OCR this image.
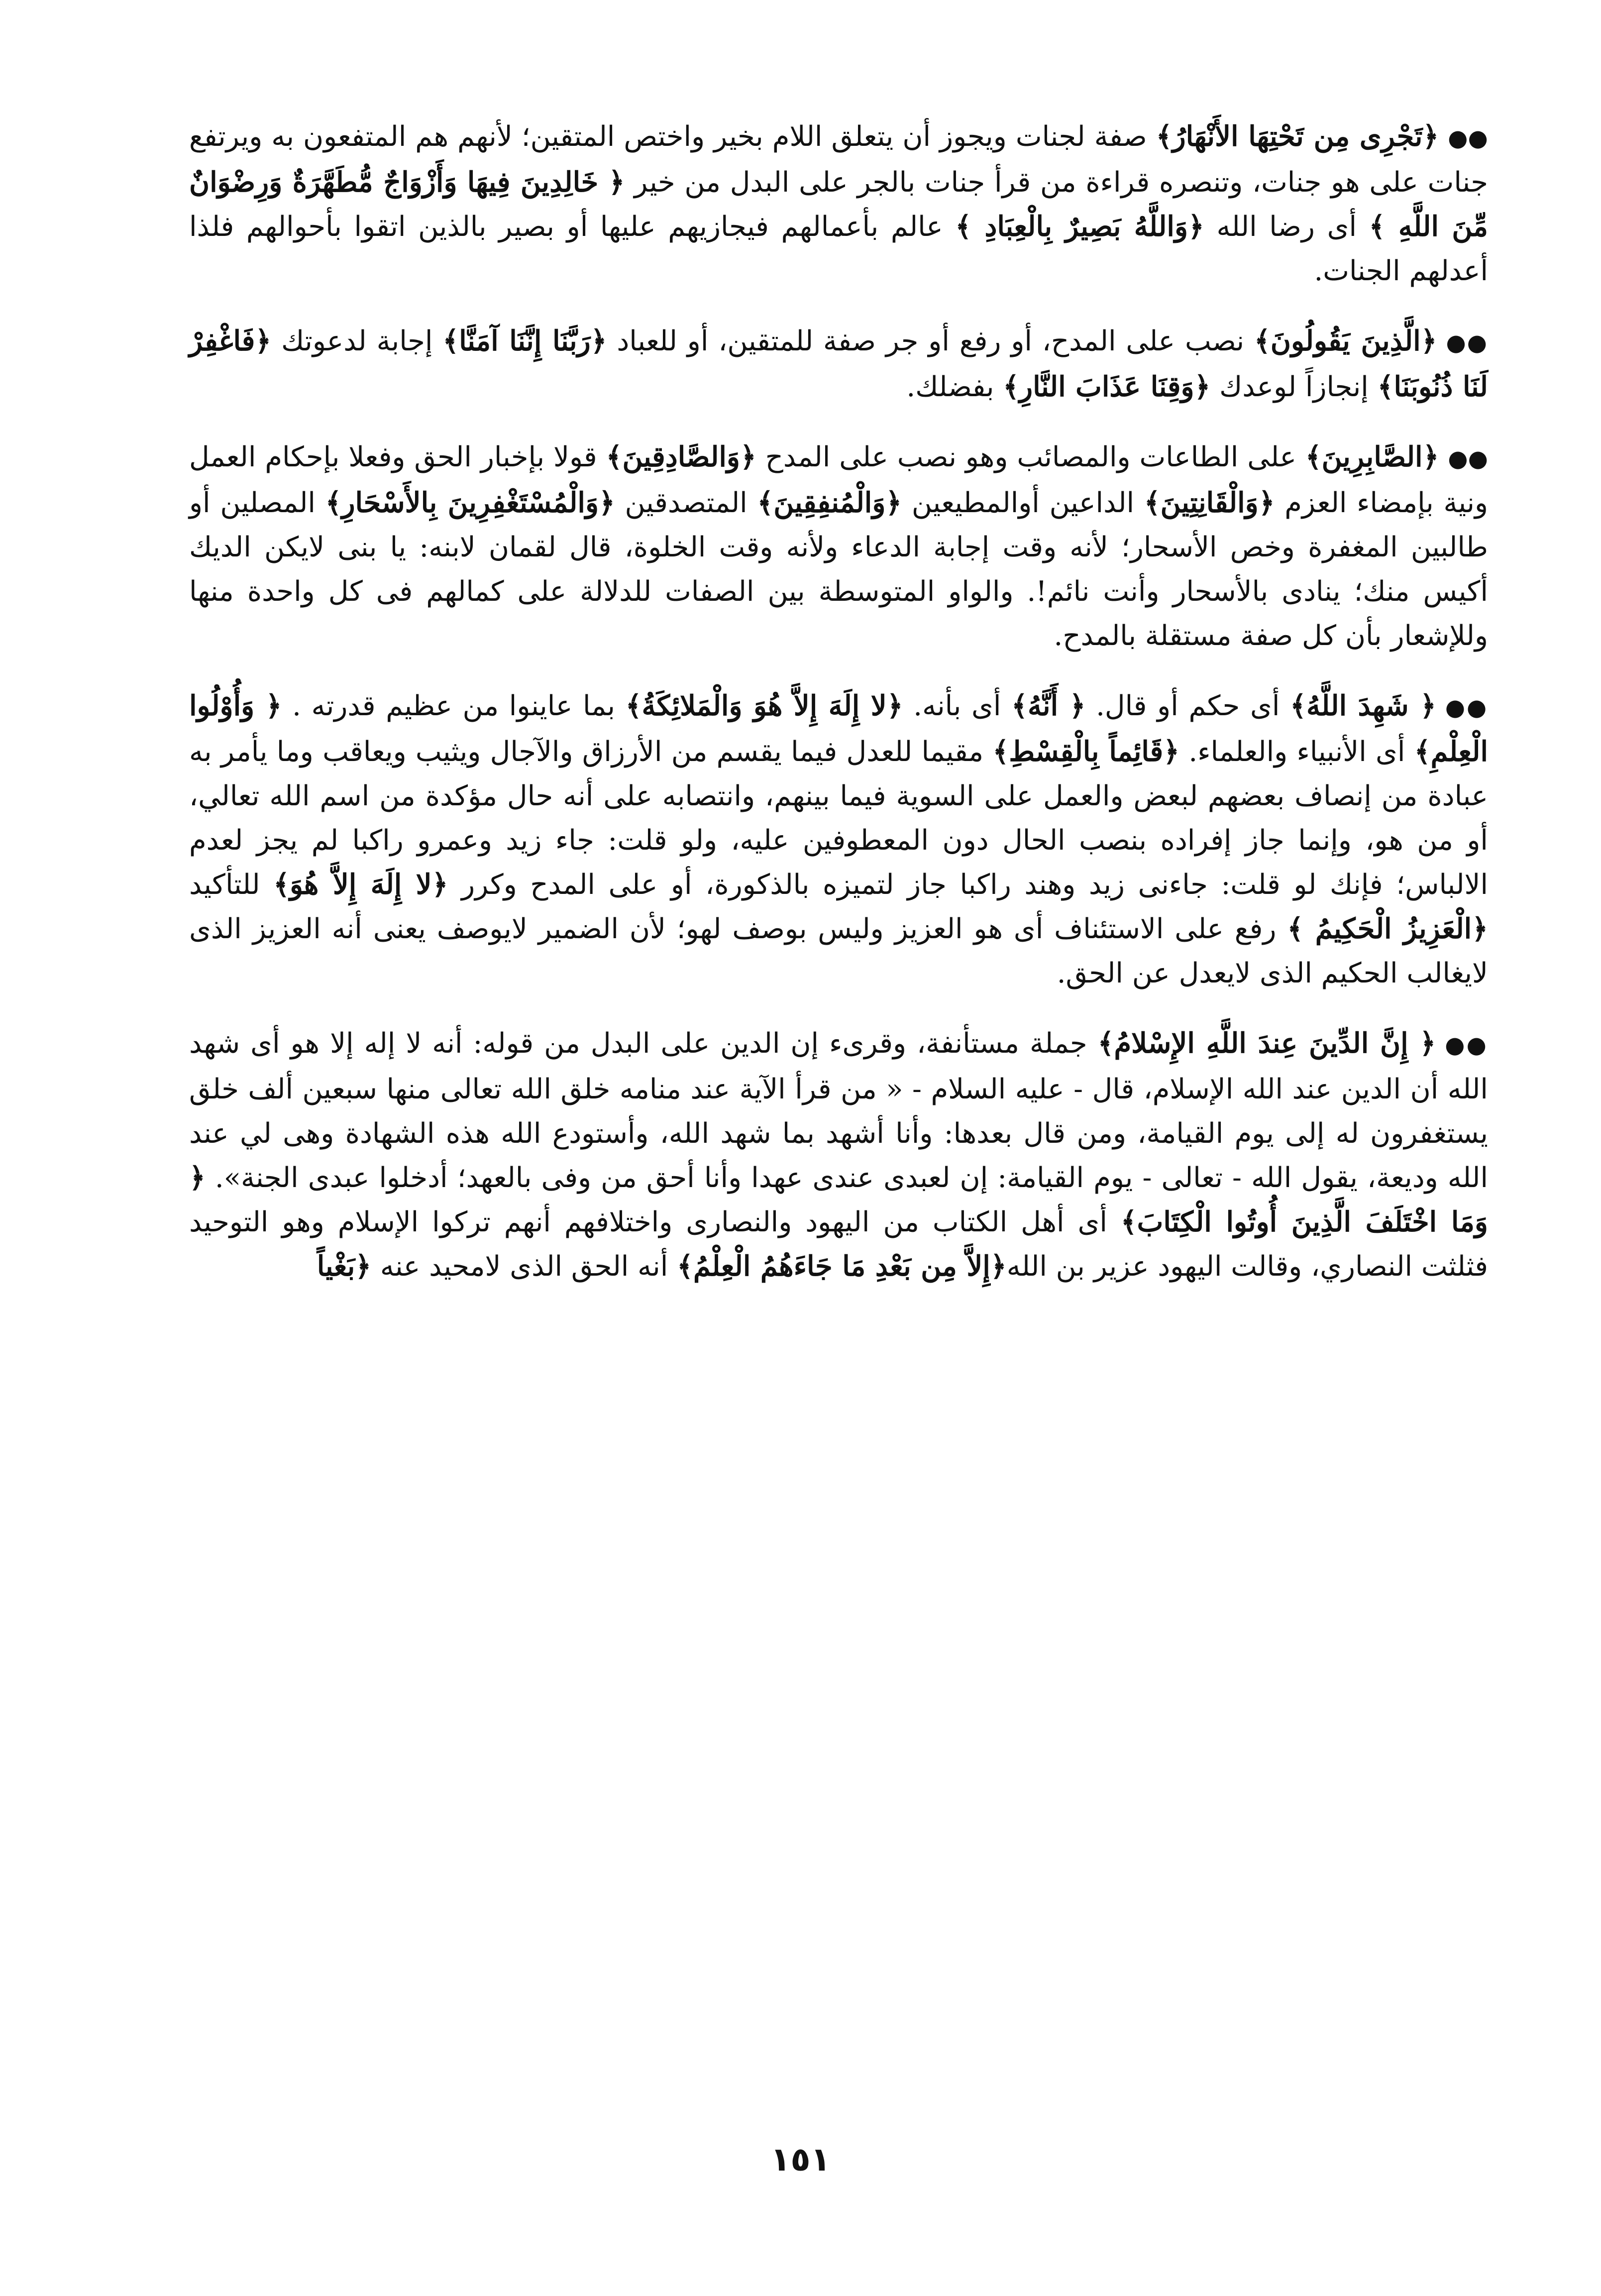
●●﴿تَجْرِى مِن تَحْتِهَا الأَنْهَارُ﴾ صفة لجنات ويجوز أن يتعلق اللام بخير واختص المتقين؛ لأنهم هم المتفعون به ويرتفع جنات على هو جنات، وتنصره قراءة من قرأ جنات بالجر على البدل من خير ﴿ خَالِدِينَ فِيهَا وَأَزْوَاجٌ مُّطَهَّرَةٌ وَرِضْوَانٌ مِّنَ اللَّهِ ﴾ أى رضا الله ﴿وَاللَّهُ بَصِيرٌ بِالْعِبَادِ ﴾ عالم بأعمالهم فيجازيهم عليها أو بصير بالذين اتقوا بأحوالهم فلذا أعدلهم الجنات.

●●﴿الَّذِينَ يَقُولُونَ﴾ نصب على المدح، أو رفع أو جر صفة للمتقين، أو للعباد ﴿رَبَّنَا إِنَّنَا آمَنَّا﴾ إجابة لدعوتك ﴿فَاغْفِرْ لَنَا ذُنُوبَنَا﴾ إنجازاً لوعدك ﴿وَقِنَا عَذَابَ النَّارِ﴾ بفضلك.

●●﴿الصَّابِرِينَ﴾ على الطاعات والمصائب وهو نصب على المدح ﴿وَالصَّادِقِينَ﴾ قولا بإخبار الحق وفعلا بإحكام العمل ونية بإمضاء العزم ﴿وَالْقَانِتِينَ﴾ الداعين أوالمطيعين ﴿وَالْمُنفِقِينَ﴾ المتصدقين ﴿وَالْمُسْتَغْفِرِينَ بِالأَسْحَارِ﴾ المصلين أو طالبين المغفرة وخص الأسحار؛ لأنه وقت إجابة الدعاء ولأنه وقت الخلوة، قال لقمان لابنه: يا بنى لايكن الديك أكيس منك؛ ينادى بالأسحار وأنت نائم!. والواو المتوسطة بين الصفات للدلالة على كمالهم فى كل واحدة منها وللإشعار بأن كل صفة مستقلة بالمدح.

●●﴿ شَهِدَ اللَّهُ﴾ أى حكم أو قال. ﴿ أَنَّهُ﴾ أى بأنه. ﴿لا إِلَهَ إِلاَّ هُوَ وَالْمَلائِكَةُ﴾ بما عاينوا من عظيم قدرته . ﴿ وَأُوْلُوا الْعِلْمِ﴾ أى الأنبياء والعلماء. ﴿قَائِماً بِالْقِسْطِ﴾ مقيما للعدل فيما يقسم من الأرزاق والآجال ويثيب ويعاقب وما يأمر به عبادة من إنصاف بعضهم لبعض والعمل على السوية فيما بينهم، وانتصابه على أنه حال مؤكدة من اسم الله تعالي، أو من هو، وإنما جاز إفراده بنصب الحال دون المعطوفين عليه، ولو قلت: جاء زيد وعمرو راكبا لم يجز لعدم الالباس؛ فإنك لو قلت: جاءنى زيد وهند راكبا جاز لتميزه بالذكورة، أو على المدح وكرر ﴿لا إِلَهَ إِلاَّ هُوَ﴾ للتأكيد ﴿الْعَزِيزُ الْحَكِيمُ ﴾ رفع على الاستئناف أى هو العزيز وليس بوصف لهو؛ لأن الضمير لايوصف يعنى أنه العزيز الذى لايغالب الحكيم الذى لايعدل عن الحق.

●●﴿ إِنَّ الدِّينَ عِندَ اللَّهِ الإِسْلامُ﴾ جملة مستأنفة، وقرىء إن الدين على البدل من قوله: أنه لا إله إلا هو أى شهد الله أن الدين عند الله الإسلام، قال - عليه السلام - « من قرأ الآية عند منامه خلق الله تعالى منها سبعين ألف خلق يستغفرون له إلى يوم القيامة، ومن قال بعدها: وأنا أشهد بما شهد الله، وأستودع الله هذه الشهادة وهى لي عند الله وديعة، يقول الله - تعالى - يوم القيامة: إن لعبدى عندى عهدا وأنا أحق من وفى بالعهد؛ أدخلوا عبدى الجنة». ﴿ وَمَا اخْتَلَفَ الَّذِينَ أُوتُوا الْكِتَابَ﴾ أى أهل الكتاب من اليهود والنصارى واختلافهم أنهم تركوا الإسلام وهو التوحيد فثلثت النصاري، وقالت اليهود عزير بن الله﴿إِلاَّ مِن بَعْدِ مَا جَاءَهُمُ الْعِلْمُ﴾ أنه الحق الذى لامحيد عنه ﴿بَغْياً

١٥١
